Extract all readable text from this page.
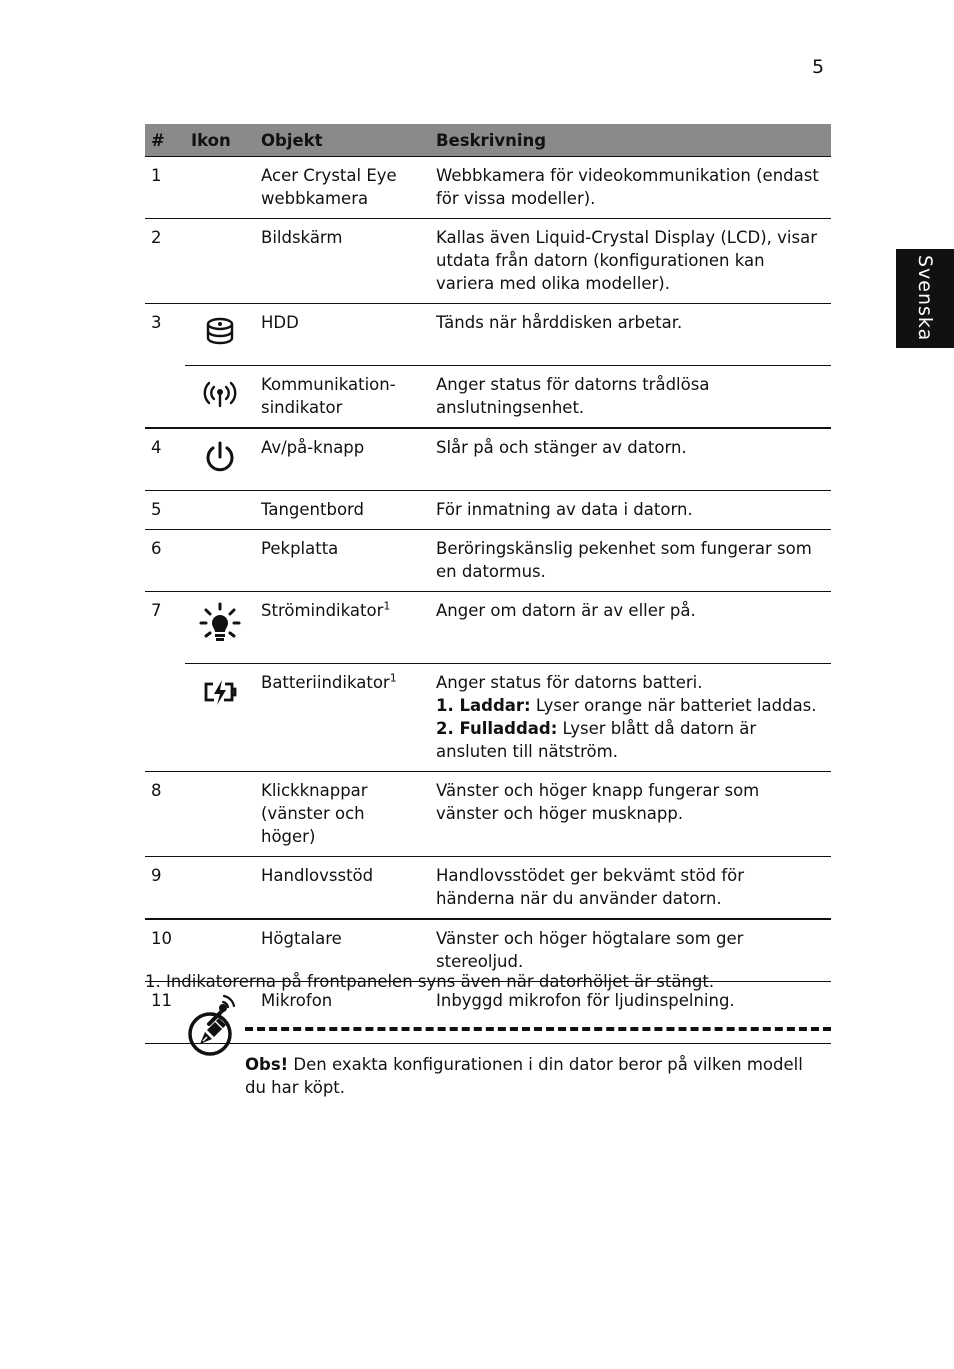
5
Svenska
#	Ikon	Objekt	Beskrivning
1		Acer Crystal Eye webbkamera	Webbkamera för videokommunikation (endast för vissa modeller).
2		Bildskärm	Kallas även Liquid-Crystal Display (LCD), visar utdata från datorn (konfigurationen kan variera med olika modeller).
3		HDD	Tänds när hårddisken arbetar.
		Kommunikation-sindikator	Anger status för datorns trådlösa anslutningsenhet.
4		Av/på-knapp	Slår på och stänger av datorn.
5		Tangentbord	För inmatning av data i datorn.
6		Pekplatta	Beröringskänslig pekenhet som fungerar som en datormus.
7		Strömindikator$^1$	Anger om datorn är av eller på.
		Batteriindikator$^1$	Anger status för datorns batteri.
1. Laddar: Lyser orange när batteriet laddas.
2. Fulladdad: Lyser blått då datorn är ansluten till nätström.

8		Klickknappar (vänster och höger)	Vänster och höger knapp fungerar som vänster och höger musknapp.
9		Handlovsstöd	Handlovsstödet ger bekvämt stöd för händerna när du använder datorn.
10		Högtalare	Vänster och höger högtalare som ger stereoljud.
11		Mikrofon	Inbyggd mikrofon för ljudinspelning.
1. Indikatorerna på frontpanelen syns även när datorhöljet är stängt.
Obs! Den exakta konfigurationen i din dator beror på vilken modell du har köpt.
